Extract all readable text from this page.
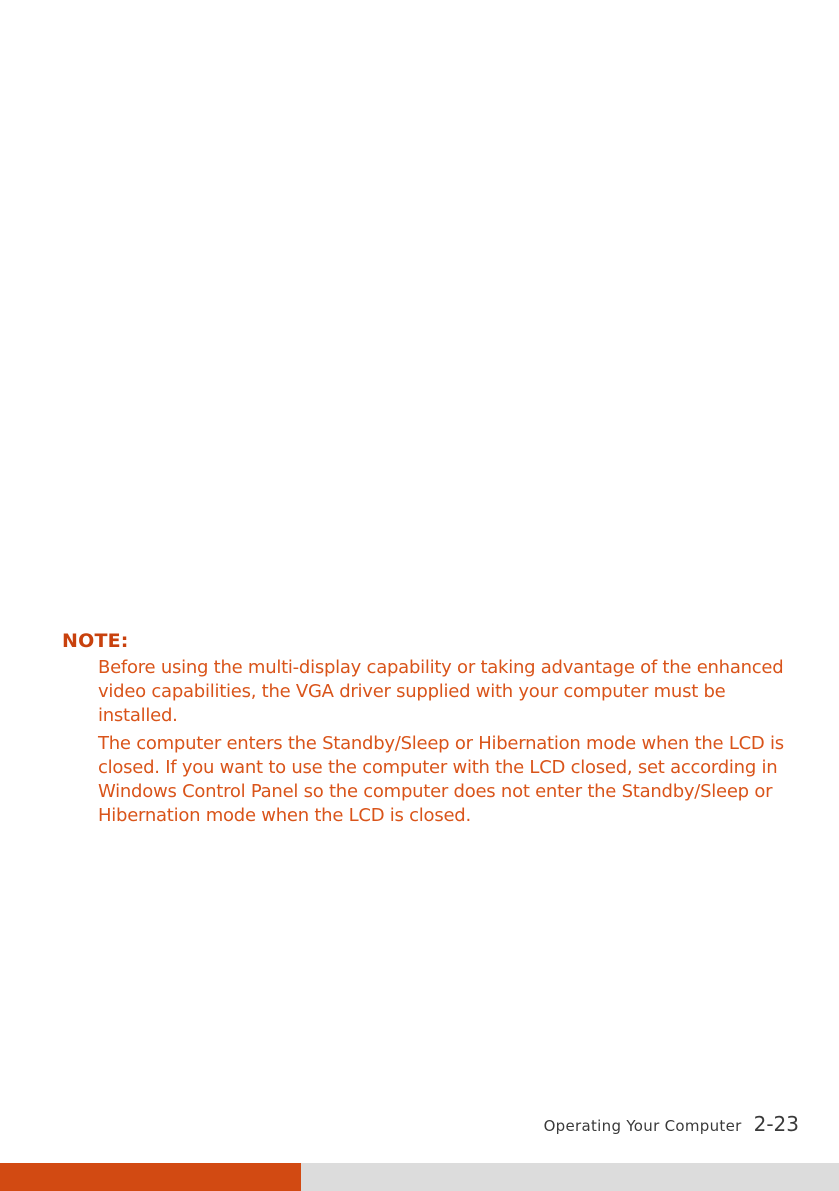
NOTE:

Before using the multi-display capability or taking advantage of the enhanced video capabilities, the VGA driver supplied with your computer must be installed.

The computer enters the Standby/Sleep or Hibernation mode when the LCD is closed. If you want to use the computer with the LCD closed, set according in Windows Control Panel so the computer does not enter the Standby/Sleep or Hibernation mode when the LCD is closed.

Operating Your Computer 2-23
